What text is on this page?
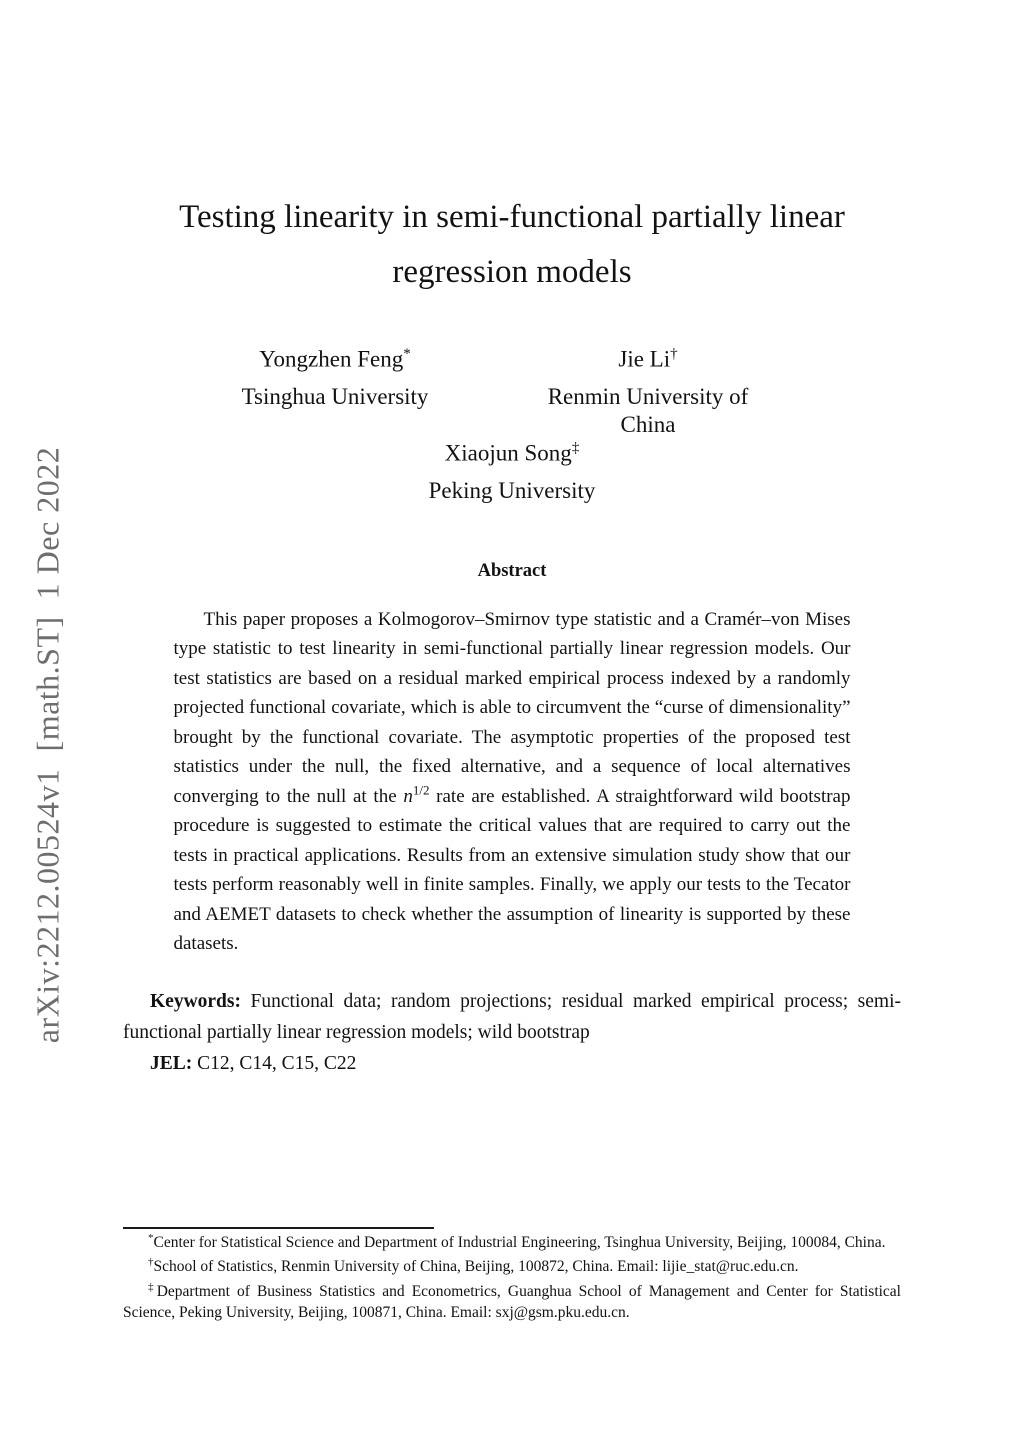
arXiv:2212.00524v1  [math.ST]  1 Dec 2022
Testing linearity in semi-functional partially linear
regression models
Yongzhen Feng*
Tsinghua University
Jie Li†
Renmin University of China
Xiaojun Song‡
Peking University
Abstract

This paper proposes a Kolmogorov–Smirnov type statistic and a Cramér–von Mises type statistic to test linearity in semi-functional partially linear regression models. Our test statistics are based on a residual marked empirical process indexed by a randomly projected functional covariate, which is able to circumvent the “curse of dimensionality” brought by the functional covariate. The asymptotic properties of the proposed test statistics under the null, the fixed alternative, and a sequence of local alternatives converging to the null at the $n^{1/2}$ rate are established. A straightforward wild bootstrap procedure is suggested to estimate the critical values that are required to carry out the tests in practical applications. Results from an extensive simulation study show that our tests perform reasonably well in finite samples. Finally, we apply our tests to the Tecator and AEMET datasets to check whether the assumption of linearity is supported by these datasets.

Keywords: Functional data; random projections; residual marked empirical process; semi-functional partially linear regression models; wild bootstrap

JEL: C12, C14, C15, C22

*Center for Statistical Science and Department of Industrial Engineering, Tsinghua University, Beijing, 100084, China.

†School of Statistics, Renmin University of China, Beijing, 100872, China. Email: lijie_stat@ruc.edu.cn.

‡Department of Business Statistics and Econometrics, Guanghua School of Management and Center for Statistical Science, Peking University, Beijing, 100871, China. Email: sxj@gsm.pku.edu.cn.
